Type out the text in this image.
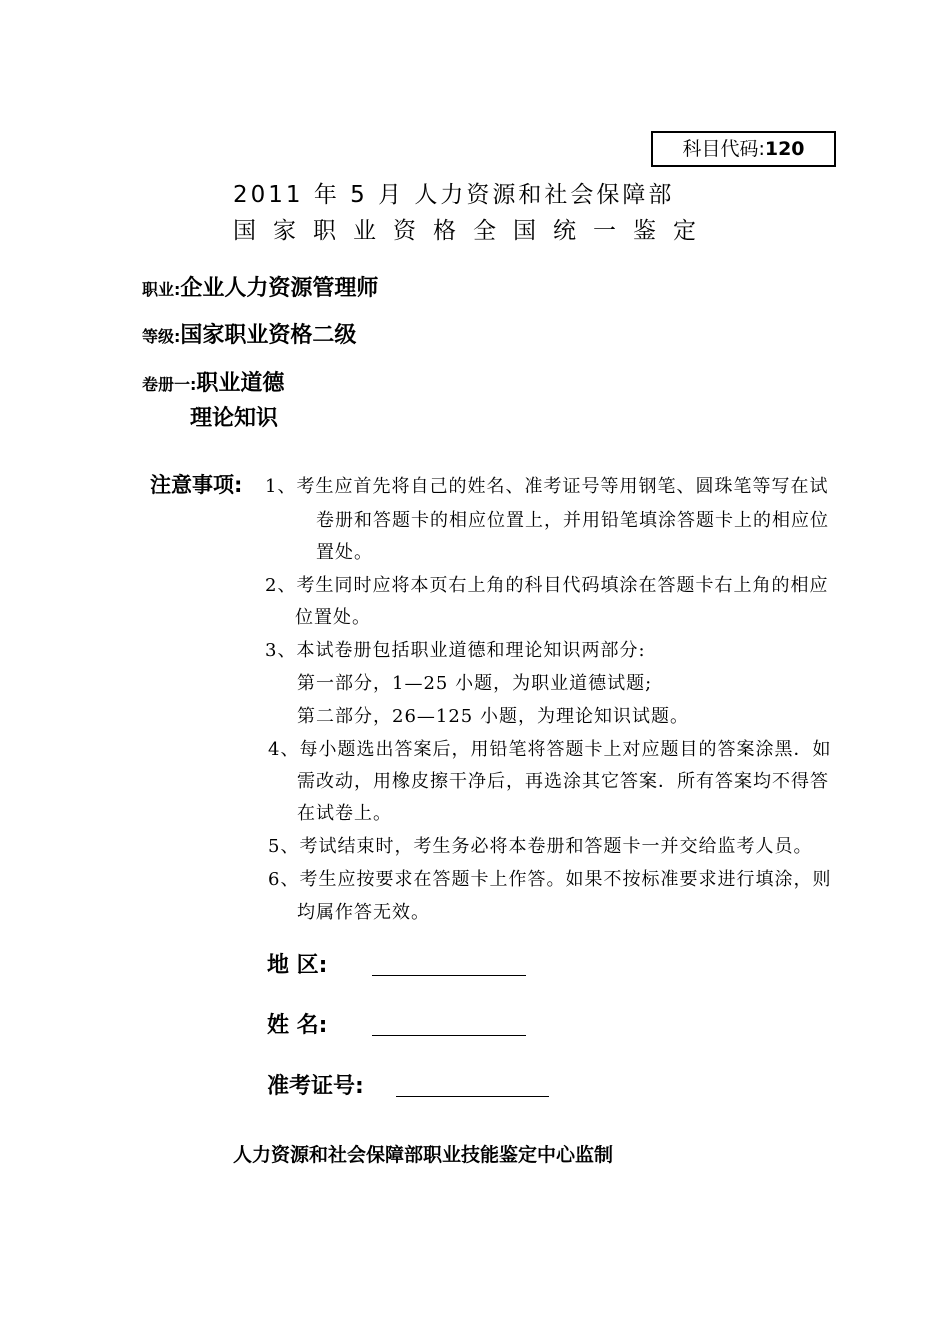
科目代码:120
2011 年 5 月 人力资源和社会保障部
国家职业资格全国统一鉴定
职业:企业人力资源管理师
等级:国家职业资格二级
卷册一:职业道德
理论知识
注意事项: 1、考生应首先将自己的姓名、准考证号等用钢笔、圆珠笔等写在试
卷册和答题卡的相应位置上，并用铅笔填涂答题卡上的相应位
置处。
2、考生同时应将本页右上角的科目代码填涂在答题卡右上角的相应
位置处。
3、本试卷册包括职业道德和理论知识两部分:
第一部分，1—25 小题，为职业道德试题;
第二部分，26—125 小题，为理论知识试题。
4、每小题选出答案后，用铅笔将答题卡上对应题目的答案涂黑．如
需改动，用橡皮擦干净后，再选涂其它答案．所有答案均不得答
在试卷上。
5、考试结束时，考生务必将本卷册和答题卡一并交给监考人员。
6、考生应按要求在答题卡上作答。如果不按标准要求进行填涂，则
均属作答无效。
地 区:
姓 名:
准考证号:
人力资源和社会保障部职业技能鉴定中心监制
